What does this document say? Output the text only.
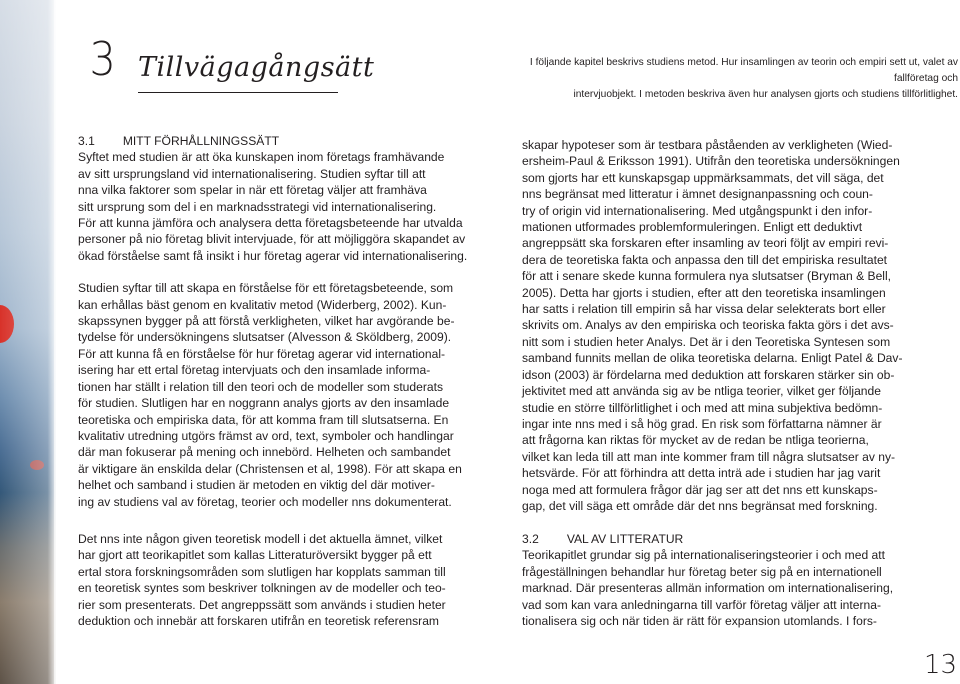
3 Tillvägagångsätt	I följande kapitel beskrivs studiens metod. Hur insamlingen av teorin och empiri sett ut, valet av fallföretag och
intervjuobjekt. I metoden beskriva även hur analysen gjorts och studiens tillförlitlighet.
3.1 MITT FÖRHÅLLNINGSSÄTT

Syftet med studien är att öka kunskapen inom företags framhävande

av sitt ursprungsland vid internationalisering. Studien syftar till att

nna vilka faktorer som spelar in när ett företag väljer att framhäva

sitt ursprung som del i en marknadsstrategi vid internationalisering.

För att kunna jämföra och analysera detta företagsbeteende har utvalda

personer på nio företag blivit intervjuade, för att möjliggöra skapandet av

ökad förståelse samt få insikt i hur företag agerar vid internationalisering.

Studien syftar till att skapa en förståelse för ett företagsbeteende, som

kan erhållas bäst genom en kvalitativ metod (Widerberg, 2002). Kun-

skapssynen bygger på att förstå verkligheten, vilket har avgörande be-

tydelse för undersökningens slutsatser (Alvesson & Sköldberg, 2009).

För att kunna få en förståelse för hur företag agerar vid international-

isering har ett ertal företag intervjuats och den insamlade informa-

tionen har ställt i relation till den teori och de modeller som studerats

för studien. Slutligen har en noggrann analys gjorts av den insamlade

teoretiska och empiriska data, för att komma fram till slutsatserna. En

kvalitativ utredning utgörs främst av ord, text, symboler och handlingar

där man fokuserar på mening och innebörd. Helheten och sambandet

är viktigare än enskilda delar (Christensen et al, 1998). För att skapa en

helhet och samband i studien är metoden en viktig del där motiver-

ing av studiens val av företag, teorier och modeller nns dokumenterat.

Det nns inte någon given teoretisk modell i det aktuella ämnet, vilket

har gjort att teorikapitlet som kallas Litteraturöversikt bygger på ett

ertal stora forskningsområden som slutligen har kopplats samman till

en teoretisk syntes som beskriver tolkningen av de modeller och teo-

rier som presenterats. Det angreppssätt som används i studien heter

deduktion och innebär att forskaren utifrån en teoretisk referensram

skapar hypoteser som är testbara påståenden av verkligheten (Wied-

ersheim-Paul & Eriksson 1991). Utifrån den teoretiska undersökningen

som gjorts har ett kunskapsgap uppmärksammats, det vill säga, det

nns begränsat med litteratur i ämnet designanpassning och coun-

try of origin vid internationalisering. Med utgångspunkt i den infor-

mationen utformades problemformuleringen. Enligt ett deduktivt

angreppsätt ska forskaren efter insamling av teori följt av empiri revi-

dera de teoretiska fakta och anpassa den till det empiriska resultatet

för att i senare skede kunna formulera nya slutsatser (Bryman & Bell,

2005). Detta har gjorts i studien, efter att den teoretiska insamlingen

har satts i relation till empirin så har vissa delar selekterats bort eller

skrivits om. Analys av den empiriska och teoriska fakta görs i det avs-

nitt som i studien heter Analys. Det är i den Teoretiska Syntesen som

samband funnits mellan de olika teoretiska delarna. Enligt Patel & Dav-

idson (2003) är fördelarna med deduktion att forskaren stärker sin ob-

jektivitet med att använda sig av be ntliga teorier, vilket ger följande

studie en större tillförlitlighet i och med att mina subjektiva bedömn-

ingar inte nns med i så hög grad. En risk som författarna nämner är

att frågorna kan riktas för mycket av de redan be ntliga teorierna,

vilket kan leda till att man inte kommer fram till några slutsatser av ny-

hetsvärde. För att förhindra att detta inträ ade i studien har jag varit

noga med att formulera frågor där jag ser att det nns ett kunskaps-

gap, det vill säga ett område där det nns begränsat med forskning.

3.2 VAL AV LITTERATUR

Teorikapitlet grundar sig på internationaliseringsteorier i och med att

frågeställningen behandlar hur företag beter sig på en internationell

marknad. Där presenteras allmän information om internationalisering,

vad som kan vara anledningarna till varför företag väljer att interna-

tionalisera sig och när tiden är rätt för expansion utomlands. I fors-

13
